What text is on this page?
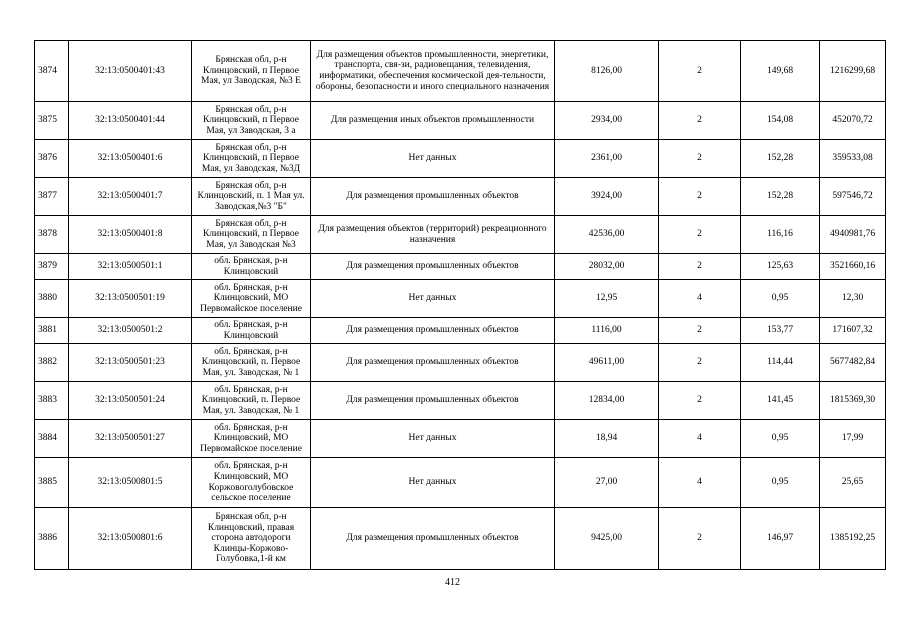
3874	32:13:0500401:43	Брянская обл, р-н Клинцовский, п Первое Мая, ул Заводская, №3 Е	Для размещения объектов промышленности, энергетики, транспорта, свя-зи, радиовещания, телевидения, информатики, обеспечения космической дея-тельности, обороны, безопасности и иного специального назначения	8126,00	2	149,68	1216299,68
3875	32:13:0500401:44	Брянская обл, р-н Клинцовский, п Первое Мая, ул Заводская, 3 а	Для размещения иных объектов промышленности	2934,00	2	154,08	452070,72
3876	32:13:0500401:6	Брянская обл, р-н Клинцовский, п Первое Мая, ул Заводская, №3Д	Нет данных	2361,00	2	152,28	359533,08
3877	32:13:0500401:7	Брянская обл, р-н Клинцовский, п. 1 Мая ул. Заводская,№3 "Б"	Для размещения промышленных объектов	3924,00	2	152,28	597546,72
3878	32:13:0500401:8	Брянская обл, р-н Клинцовский, п Первое Мая, ул Заводская №3	Для размещения объектов (территорий) рекреационного назначения	42536,00	2	116,16	4940981,76
3879	32:13:0500501:1	обл. Брянская, р-н Клинцовский	Для размещения промышленных объектов	28032,00	2	125,63	3521660,16
3880	32:13:0500501:19	обл. Брянская, р-н Клинцовский, МО Первомайское поселение	Нет данных	12,95	4	0,95	12,30
3881	32:13:0500501:2	обл. Брянская, р-н Клинцовский	Для размещения промышленных объектов	1116,00	2	153,77	171607,32
3882	32:13:0500501:23	обл. Брянская, р-н Клинцовский, п. Первое Мая, ул. Заводская, № 1	Для размещения промышленных объектов	49611,00	2	114,44	5677482,84
3883	32:13:0500501:24	обл. Брянская, р-н Клинцовский, п. Первое Мая, ул. Заводская, № 1	Для размещения промышленных объектов	12834,00	2	141,45	1815369,30
3884	32:13:0500501:27	обл. Брянская, р-н Клинцовский, МО Первомайское поселение	Нет данных	18,94	4	0,95	17,99
3885	32:13:0500801:5	обл. Брянская, р-н Клинцовский, МО Коржовоголубовское сельское поселение	Нет данных	27,00	4	0,95	25,65
3886	32:13:0500801:6	Брянская обл, р-н Клинцовский, правая сторона автодороги Клинцы-Коржово-Голубовка,1-й км	Для размещения промышленных объектов	9425,00	2	146,97	1385192,25
412
